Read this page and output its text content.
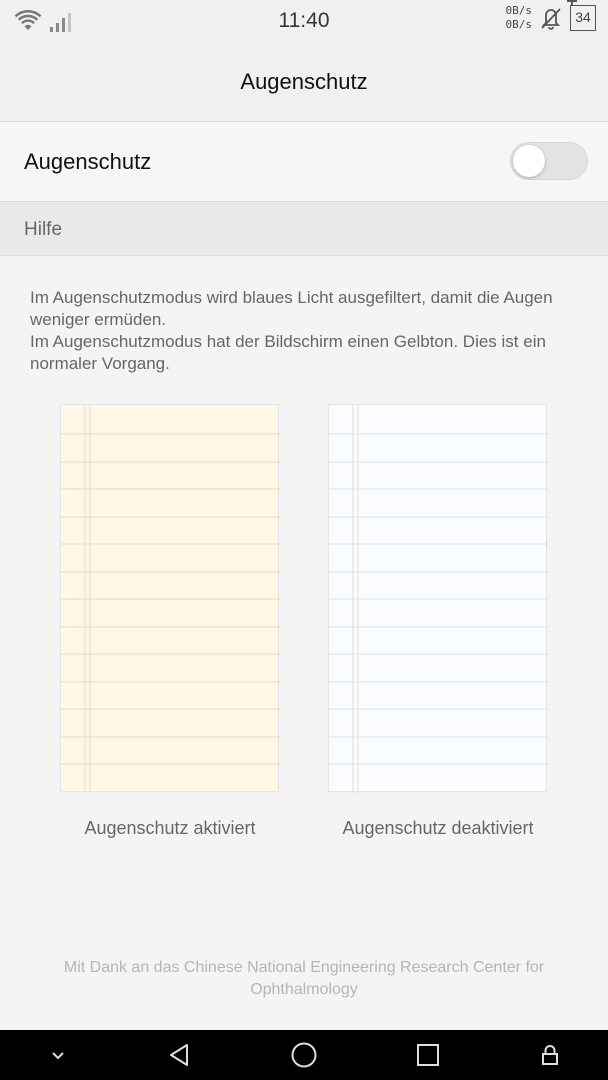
11:40	0B/s
0B/s	34
Augenschutz
Augenschutz
Hilfe

Im Augenschutzmodus wird blaues Licht ausgefiltert, damit die Augen weniger ermüden.

Im Augenschutzmodus hat der Bildschirm einen Gelbton. Dies ist ein normaler Vorgang.

Augenschutz aktiviert	Augenschutz deaktiviert
Mit Dank an das Chinese National Engineering Research Center for Ophthalmology
